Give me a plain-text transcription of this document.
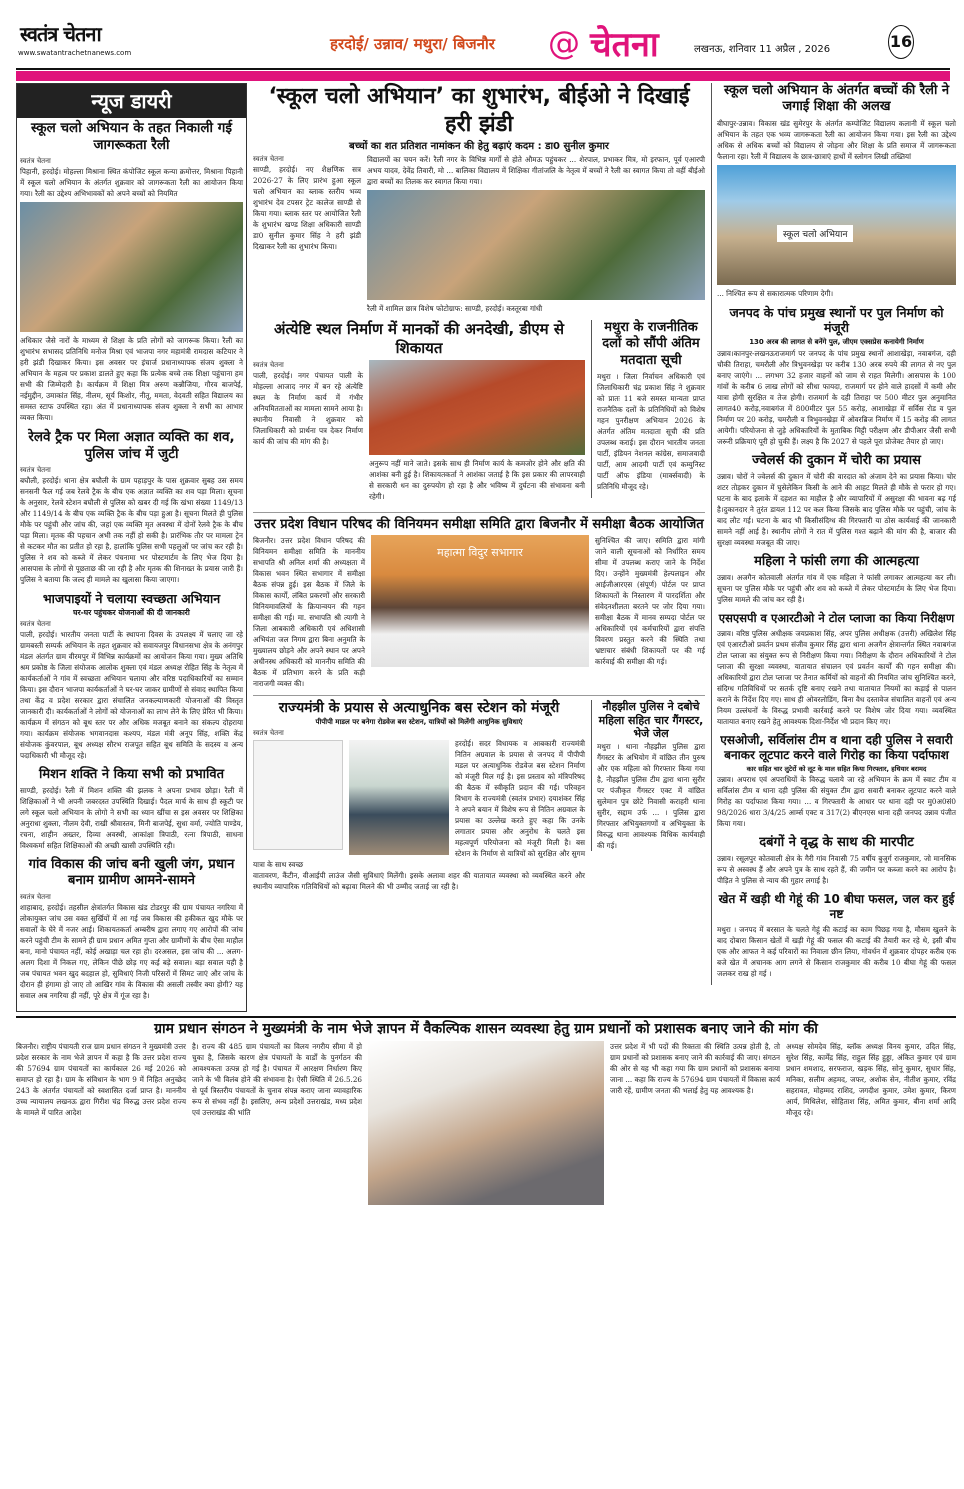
स्वतंत्र चेतना
www.swatantrachetnanews.com	हरदोई/ उन्नाव/ मथुरा/ बिजनौर @ चेतना	लखनऊ, शनिवार 11 अप्रैल , 2026	16
न्यूज डायरी
स्कूल चलो अभियान के तहत निकाली गई जागरूकता रैली
स्वतंत्र चेतना

पिहानी, हरदोई। मोहल्ला मिश्राना स्थित कंपोजिट स्कूल कन्या क्रमोत्तर, मिश्राना पिहानी में स्कूल चलो अभियान के अंतर्गत शुक्रवार को जागरूकता रैली का आयोजन किया गया। रैली का उद्देश्य अभिभावकों को अपने बच्चों को नियमित

अधिकार जैसे नारों के माध्यम से शिक्षा के प्रति लोगों को जागरूक किया। रैली का शुभारंभ सभासद प्रतिनिधि मनोज मिश्रा एवं भाजपा नगर महामंत्री रामदास कटियार ने हरी झंडी दिखाकर किया। इस अवसर पर इंचार्ज प्रधानाध्यापक संजय शुक्ला ने अभियान के महत्व पर प्रकाश डालते हुए कहा कि प्रत्येक बच्चे तक शिक्षा पहुंचाना हम सभी की जिम्मेदारी है। कार्यक्रम में शिक्षा मित्र अरुण कन्नौजिया, गौरव बाजपेई, नईमुद्दीन, उमाकांत सिंह, नीलम, सूर्य किशोर, नीतू, ममता, वेदवती सहित विद्यालय का समस्त स्टाफ उपस्थित रहा। अंत में प्रधानाध्यापक संजय शुक्ला ने सभी का आभार व्यक्त किया।

रेलवे ट्रैक पर मिला अज्ञात व्यक्ति का शव, पुलिस जांच में जुटी
स्वतंत्र चेतना

बघौली, हरदोई। थाना क्षेत्र बघौली के ग्राम पहाड़पुर के पास शुक्रवार सुबह उस समय सनसनी फैल गई जब रेलवे ट्रैक के बीच एक अज्ञात व्यक्ति का शव पड़ा मिला। सूचना के अनुसार, रेलवे स्टेशन बघौली से पुलिस को खबर दी गई कि खंभा संख्या 1149/13 और 1149/14 के बीच एक व्यक्ति ट्रैक के बीच पड़ा हुआ है। सूचना मिलते ही पुलिस मौके पर पहुंची और जांच की, जहां एक व्यक्ति मृत अवस्था में दोनों रेलवे ट्रैक के बीच पड़ा मिला। मृतक की पहचान अभी तक नहीं हो सकी है। प्रारंभिक तौर पर मामला ट्रेन से कटकर मौत का प्रतीत हो रहा है, हालांकि पुलिस सभी पहलुओं पर जांच कर रही है। पुलिस ने शव को कब्जे में लेकर पंचनामा भर पोस्टमार्टम के लिए भेज दिया है। आसपास के लोगों से पूछताछ की जा रही है और मृतक की शिनाख्त के प्रयास जारी हैं। पुलिस ने बताया कि जल्द ही मामले का खुलासा किया जाएगा।

भाजपाइयों ने चलाया स्वच्छता अभियान
घर-घर पहुंचकर योजनाओं की दी जानकारी
स्वतंत्र चेतना

पाली, हरदोई। भारतीय जनता पार्टी के स्थापना दिवस के उपलक्ष्य में चलाए जा रहे ग्रामबस्ती सम्पर्क अभियान के तहत शुक्रवार को सवायजपुर विधानसभा क्षेत्र के अनंगपुर मंडल अंतर्गत ग्राम वीरमपुर में विभिन्न कार्यक्रमों का आयोजन किया गया। मुख्य अतिथि श्रम प्रकोष्ठ के जिला संयोजक आलोक शुक्ला एवं मंडल अध्यक्ष रोहित सिंह के नेतृत्व में कार्यकर्ताओं ने गांव में स्वच्छता अभियान चलाया और वरिष्ठ पदाधिकारियों का सम्मान किया। इस दौरान भाजपा कार्यकर्ताओं ने घर-घर जाकर ग्रामीणों से संवाद स्थापित किया तथा केंद्र व प्रदेश सरकार द्वारा संचालित जनकल्याणकारी योजनाओं की विस्तृत जानकारी दी। कार्यकर्ताओं ने लोगों को योजनाओं का लाभ लेने के लिए प्रेरित भी किया। कार्यक्रम में संगठन को बूथ स्तर पर और अधिक मजबूत बनाने का संकल्प दोहराया गया। कार्यक्रम संयोजक भगवानदास कश्यप, मंडल मंत्री अनूप सिंह, शक्ति केंद्र संयोजक कुंवरपाल, बूथ अध्यक्ष सौरभ राजपूत सहित बूथ समिति के सदस्य व अन्य पदाधिकारी भी मौजूद रहे।

मिशन शक्ति ने किया सभी को प्रभावित

साण्डी, हरदोई। रैली में मिशन शक्ति की झलक ने अपना प्रभाव छोड़ा। रैली में शिक्षिकाओं ने भी अपनी जबरदस्त उपस्थिति दिखाई। पैदल मार्च के साथ ही स्कूटी पर लगे स्कूल चलो अभियान के लोगो ने सभी का ध्यान खींचा स इस अवसर पर शिक्षिका अनुराधा शुक्ला, नीलम देवी, राखी श्रीवास्तव, मिनी बाजपेई, सुधा वर्मा, ज्योति पाण्डेय, रचना, शाहीन अख्तर, दिव्या अवस्थी, आकांक्षा त्रिपाठी, रत्ना त्रिपाठी, साधना विश्वकर्मा सहित शिक्षिकाओं की अच्छी खासी उपस्थिति रही।

गांव विकास की जांच बनी खुली जंग, प्रधान बनाम ग्रामीण आमने-सामने
स्वतंत्र चेतना

शाहाबाद, हरदोई। तहसील क्षेत्रांतर्गत विकास खंड टोडरपुर की ग्राम पंचायत नगरिया में लोकायुक्त जांच उस वक्त सुर्खियों में आ गई जब विकास की हकीकत खुद मौके पर सवालों के घेरे में नजर आई। शिकायतकर्ता अम्बरीष द्वारा लगाए गए आरोपों की जांच करने पहुंची टीम के सामने ही ग्राम प्रधान अमित गुप्ता और ग्रामीणों के बीच ऐसा माहौल बना, मानो पंचायत नहीं, कोई अखाड़ा चल रहा हो। दरअसल, इस जांच की ... अलग-अलग दिशा में निकल गए, लेकिन पीछे छोड़ गए कई बड़े सवाल। बड़ा सवाल यही है जब पंचायत भवन खुद बदहाल हो, सुविधाएं निजी परिसरों में सिमट जाएं और जांच के दौरान ही हंगामा हो जाए तो आखिर गांव के विकास की असली तस्वीर क्या होगी? यह सवाल अब नगरिया ही नहीं, पूरे क्षेत्र में गूंज रहा है।

‘स्कूल चलो अभियान’ का शुभारंभ, बीईओ ने दिखाई हरी झंडी
बच्चों का शत प्रतिशत नामांकन की हेतु बढ़ाएं कदम : डा0 सुनील कुमार
स्वतंत्र चेतना

साण्डी, हरदोई। नए शैक्षणिक सत्र 2026-27 के लिए प्रारंभ हुआ स्कूल चलो अभियान का ब्लाक स्तरीय भव्य शुभारंभ देव टपसर ट्रेट कालेज साण्डी से किया गया। ब्लाक स्तर पर आयोजित रैली के शुभारंभ खण्ड शिक्षा अधिकारी साण्डी डा0 सुनील कुमार सिंह ने हरी झंडी दिखाकर रैली का शुभारंभ किया।

विद्यालयों का चयन करें। रैली नगर के विभिन्न मार्गों से होते औमऊ पहुंचकर ... शेरपाल, प्रभाकर मित्र, मो इरफान, पूर्व एआरपी अभय यादव, देवेंद्र तिवारी, मो ... बालिका विद्यालय में शिक्षिका गीतांजलि के नेतृत्व में बच्चों ने रैली का स्वागत किया तो वहीं बीईओ द्वारा बच्चों का तिलक कर स्वागत किया गया।

रैली में शामिल छात्र विशेष फोटोग्राफ: साण्डी, हरदोई। कस्तूरबा गांधी

अंत्येष्टि स्थल निर्माण में मानकों की अनदेखी, डीएम से शिकायत
स्वतंत्र चेतना

पाली, हरदोई। नगर पंचायत पाली के मोहल्ला आजाद नगर में बन रहे अंत्येष्टि स्थल के निर्माण कार्य में गंभीर अनियमितताओं का मामला सामने आया है। स्थानीय निवासी ने शुक्रवार को जिलाधिकारी को प्रार्थना पत्र देकर निर्माण कार्य की जांच की मांग की है।

अनुरूप नहीं माने जाते। इसके साथ ही निर्माण कार्य के कमजोर होने और क्षति की आशंका बनी हुई है। शिकायतकर्ता ने आशंका जताई है कि इस प्रकार की लापरवाही से सरकारी धन का दुरुपयोग हो रहा है और भविष्य में दुर्घटना की संभावना बनी रहेगी।

मथुरा के राजनीतिक दलों को सौंपी अंतिम मतदाता सूची

मथुरा । जिला निर्वाचन अधिकारी एवं जिलाधिकारी चंद्र प्रकाश सिंह ने शुक्रवार को प्रातः 11 बजे समस्त मान्यता प्राप्त राजनैतिक दलों के प्रतिनिधियों को विशेष गहन पुनरीक्षण अभियान 2026 के अंतर्गत अंतिम मतदाता सूची की प्रति उपलब्ध कराई। इस दौरान भारतीय जनता पार्टी, इंडियन नेशनल कांग्रेस, समाजवादी पार्टी, आम आदमी पार्टी एवं कम्युनिस्ट पार्टी ऑफ इंडिया (मार्क्सवादी) के प्रतिनिधि मौजूद रहे।

उत्तर प्रदेश विधान परिषद की विनियमन समीक्षा समिति द्वारा बिजनौर में समीक्षा बैठक आयोजित

बिजनौर। उत्तर प्रदेश विधान परिषद की विनियमन समीक्षा समिति के माननीय सभापति श्री अनिल शर्मा की अध्यक्षता में विकास भवन स्थित सभागार में समीक्षा बैठक संपन्न हुई। इस बैठक में जिले के विकास कार्यों, लंबित प्रकरणों और सरकारी विनियमावलियों के क्रियान्वयन की गहन समीक्षा की गई। मा. सभापति श्री त्यागी ने जिला आबकारी अधिकारी एवं अधिशासी अभियंता जल निगम द्वारा बिना अनुमति के मुख्यालय छोड़ने और अपने स्थान पर अपने अधीनस्थ अधिकारी को माननीय समिति की बैठक में प्रतिभाग करने के प्रति कड़ी नाराजगी व्यक्त की।

महात्मा विदुर सभागार

सुनिश्चित की जाए। समिति द्वारा मांगी जाने वाली सूचनाओं को निर्धारित समय सीमा में उपलब्ध कराए जाने के निर्देश दिए। उन्होंने मुख्यमंत्री हेल्पलाइन और आईजीआरएस (संपूर्ण) पोर्टल पर प्राप्त शिकायतों के निस्तारण में पारदर्शिता और संवेदनशीलता बरतने पर जोर दिया गया। समीक्षा बैठक में मानव सम्पदा पोर्टल पर अधिकारियों एवं कर्मचारियों द्वारा संपत्ति विवरण प्रस्तुत करने की स्थिति तथा भ्रष्टाचार संबंधी शिकायतों पर की गई कार्रवाई की समीक्षा की गई।

राज्यमंत्री के प्रयास से अत्याधुनिक बस स्टेशन को मंजूरी
पीपीपी माडल पर बनेगा रोडवेज बस स्टेशन, यात्रियों को मिलेंगी आधुनिक सुविधाएं
स्वतंत्र चेतना

हरदोई। सदर विधायक व आबकारी राज्यमंत्री नितिन अग्रवाल के प्रयास से जनपद में पीपीपी मडल पर अत्याधुनिक रोडवेज बस स्टेशन निर्माण को मंजूरी मिल गई है। इस प्रस्ताव को मंत्रिपरिषद की बैठक में स्वीकृति प्रदान की गई। परिवहन विभाग के राज्यमंत्री (स्वतंत्र प्रभार) दयाशंकर सिंह ने अपने बयान में विशेष रूप से नितिन अग्रवाल के प्रयास का उल्लेख करते हुए कहा कि उनके लगातार प्रयास और अनुरोध के चलते इस महत्वपूर्ण परियोजना को मंजूरी मिली है। बस स्टेशन के निर्माण से यात्रियों को सुरक्षित और सुगम यात्रा के साथ स्वच्छ

वातावरण, कैंटीन, वीआईपी लाउंज जैसी सुविधाएं मिलेंगी। इसके अलावा शहर की यातायात व्यवस्था को व्यवस्थित करने और स्थानीय व्यापारिक गतिविधियों को बढ़ावा मिलने की भी उम्मीद जताई जा रही है।

नौहझील पुलिस ने दबोचे महिला सहित चार गैंगस्टर, भेजे जेल

मथुरा । थाना नौहझील पुलिस द्वारा गैंगस्टर के अभियोग में वांछित तीन पुरुष और एक महिला को गिरफ्तार किया गया है, नौहझील पुलिस टीम द्वारा थाना सुरीर पर पंजीकृत गैंगस्टर एक्ट में वांछित सुलेमान पुत्र छोटे निवासी कराहरी थाना सुरीर, सद्दाम उर्फ ... । पुलिस द्वारा गिरफ्तार अभियुक्तगणों व अभियुक्ता के विरुद्ध थाना आवश्यक विधिक कार्यवाही की गई।

स्कूल चलो अभियान के अंतर्गत बच्चों की रैली ने जगाई शिक्षा की अलख

बीघापुर-उन्नाव। विकास खंड सुमेरपुर के अंतर्गत कम्पोजिट विद्यालय कलानी में स्कूल चलो अभियान के तहत एक भव्य जागरूकता रैली का आयोजन किया गया। इस रैली का उद्देश्य अधिक से अधिक बच्चों को विद्यालय से जोड़ना और शिक्षा के प्रति समाज में जागरूकता फैलाना रहा। रैली में विद्यालय के छात्र-छात्राएं हाथों में स्लोगन लिखी तख्तियां

स्कूल चलो अभियान

... निश्चित रूप से सकारात्मक परिणाम देगी।

जनपद के पांच प्रमुख स्थानों पर पुल निर्माण को मंजूरी
130 अरब की लागत से बनेंगे पुल, जीएम एक्सप्रेस कनायेगी निर्माण

उन्नाव।कानपुर-लखनऊराजमार्ग पर जनपद के पांच प्रमुख स्थानों आशाखेड़ा, नवाबगंज, दही चौकी तिराहा, चमरौली और त्रिभुवनखेड़ा पर करीब 130 अरब रुपये की लागत से नए पुल बनाए जाएंगे। ... लगभग 32 हजार वाहनों को जाम से राहत मिलेगी। आसपास के 100 गांवों के करीब 6 लाख लोगों को सीधा फायदा, राजमार्ग पर होने वाले हादसों में कमी और यात्रा होगी सुरक्षित व तेज होगी। राजमार्ग के दही तिराहा पर 500 मीटर पुल अनुमानित लागत40 करोड़,नवाबगंज में 800मीटर पुल 55 करोड़, आशाखेड़ा में सर्विस रोड व पुल निर्माण पर 20 करोड़, चमरौली व त्रिभुवनखेड़ा में ओवरब्रिज निर्माण में 15 करोड़ की लागत आयेगी। परियोजना से जुड़े अधिकारियों के मुताबिक मिट्टी परीक्षण और डीपीआर जैसी सभी जरूरी प्रक्रियाएं पूरी हो चुकी हैं। लक्ष्य है कि 2027 से पहले पूरा प्रोजेक्ट तैयार हो जाए।

ज्वेलर्स की दुकान में चोरी का प्रयास

उन्नाव। चोरों ने ज्वेलर्स की दुकान में चोरी की वारदात को अंजाम देने का प्रयास किया। चोर शटर तोड़कर दुकान में घुसेलेकिन किसी के आने की आहट मिलते ही मौके से फरार हो गए। घटना के बाद इलाके में दहशत का माहौल है और व्यापारियों में असुरक्षा की भावना बढ़ गई है।दुकानदार ने तुरंत डायल 112 पर कल किया जिसके बाद पुलिस मौके पर पहुंची, जांच के बाद लौट गई। घटना के बाद भी किसीसंदिग्ध की गिरफ्तारी या ठोस कार्यवाई की जानकारी सामने नहीं आई है। स्थानीय लोगों ने रात में पुलिस गश्त बढ़ाने की मांग की है, बाजार की सुरक्षा व्यवस्था मजबूत की जाए।

महिला ने फांसी लगा की आत्महत्या

उन्नाव। अजगैन कोतवाली अंतर्गत गांव में एक महिला ने फांसी लगाकर आत्महत्या कर ली। सूचना पर पुलिस मौके पर पहुंची और शव को कब्जे में लेकर पोस्टमार्टम के लिए भेज दिया। पुलिस मामले की जांच कर रही है।

एसएसपी व एआरटीओ ने टोल प्लाजा का किया निरीक्षण

उन्नाव। वरिष्ठ पुलिस अधीक्षक जयप्रकाश सिंह, अपर पुलिस अधीक्षक (उत्तरी) अखिलेश सिंह एवं एआरटीओ प्रवर्तन प्रथम संजीव कुमार सिंह द्वारा थाना अजगैन क्षेत्रान्तर्गत स्थित नवाबगंज टोल प्लाजा का संयुक्त रूप से निरीक्षण किया गया। निरीक्षण के दौरान अधिकारियों ने टोल प्लाजा की सुरक्षा व्यवस्था, यातायात संचालन एवं प्रवर्तन कार्यों की गहन समीक्षा की। अधिकारियों द्वारा टोल प्लाजा पर तैनात कर्मियों को वाहनों की नियमित जांच सुनिश्चित करने, संदिग्ध गतिविधियों पर सतर्क दृष्टि बनाए रखने तथा यातायात नियमों का कड़ाई से पालन कराने के निर्देश दिए गए। साथ ही ओवरलोडिंग, बिना वैध दस्तावेज संचालित वाहनों एवं अन्य नियम उल्लंघनों के विरुद्ध प्रभावी कार्रवाई करने पर विशेष जोर दिया गया। व्यवस्थित यातायात बनाए रखने हेतु आवश्यक दिशा-निर्देश भी प्रदान किए गए।

एसओजी, सर्विलांस टीम व थाना दही पुलिस ने सवारी बनाकर लूटपाट करने वाले गिरोह का किया पर्दाफाश
कार सहित चार लुटेरों को लूट के माल सहित किया गिरफ्तार, हथियार बरामद

उन्नाव। अपराध एवं अपराधियों के विरुद्ध चलाये जा रहे अभियान के क्रम में स्वाट टीम व सर्विलांस टीम व थाना दही पुलिस की संयुक्त टीम द्वारा सवारी बनाकर लूटपाट करने वाले गिरोह का पर्दाफाश किया गया। ... व गिरफ्तारी के आधार पर थाना दही पर मु0अ0सं0 98/2026 धारा 3/4/25 आर्म्स एक्ट व 317(2) बीएनएस थाना दही जनपद उन्नाव पंजीत किया गया।

दबंगों ने वृद्ध के साथ की मारपीट

उन्नाव। रसूलपुर कोतवाली क्षेत्र के गैरी गांव निवासी 75 वर्षीय बुजुर्ग राजकुमार, जो मानसिक रूप से अस्वस्थ हैं और अपने पुत्र के साथ रहते हैं, की जमीन पर कब्जा करने का आरोप है। पीड़ित ने पुलिस से न्याय की गुहार लगाई है।

खेत में खड़ी थी गेहूं की 10 बीघा फसल, जल कर हुई नष्ट

मथुरा । जनपद में बरसात के चलते गेहूं की कटाई का काम पिछड़ गया है, मौसम खुलने के बाद दोबारा किसान खेतों में खड़ी गेहूं की फसल की कटाई की तैयारी कर रहे थे, इसी बीच एक और आफत ने कई परिवारों का निवाला छीन लिया, गोवर्धन में शुक्रवार दोपहर करीब एक बजे खेत में अचानक आग लगने से किसान राजकुमार की करीब 10 बीघा गेहूं की फसल जलकर राख हो गई ।

ग्राम प्रधान संगठन ने मुख्यमंत्री के नाम भेजे ज्ञापन में वैकल्पिक शासन व्यवस्था हेतु ग्राम प्रधानों को प्रशासक बनाए जाने की मांग की

बिजनौर। राष्ट्रीय पंचायती राज ग्राम प्रधान संगठन ने मुख्यमंत्री उत्तर प्रदेश सरकार के नाम भेजे ज्ञापन में कहा है कि उत्तर प्रदेश राज्य की 57694 ग्राम पंचायतों का कार्यकाल 26 मई 2026 को समाप्त हो रहा है। ग्राम के संविधान के भाग 9 में निहित अनुच्छेद 243 के अंतर्गत पंचायतों को स्वशासित दर्जा प्राप्त है। माननीय उच्च न्यायालय लखनऊ द्वारा गिरीश चंद्र विरुद्ध उत्तर प्रदेश राज्य के मामले में पारित आदेश

है। राज्य की 485 ग्राम पंचायतों का विलय नगरीय सीमा में हो चुका है, जिसके कारण क्षेत्र पंचायतों के वार्डों के पुनर्गठन की आवश्यकता उत्पन्न हो गई है। पंचायत में आरक्षण निर्धारण किए जाने के भी विलंब होने की संभावना है। ऐसी स्थिति में 26.5.26 से पूर्व त्रिस्तरीय पंचायतों के चुनाव संपन्न कराए जाना व्यावहारिक रूप से संभव नहीं है। इसलिए, अन्य प्रदेशों उत्तराखंड, मध्य प्रदेश एवं उत्तराखंड की भांति

उत्तर प्रदेश में भी पदों की रिक्तता की स्थिति उत्पन्न होती है, तो ग्राम प्रधानों को प्रशासक बनाए जाने की कार्रवाई की जाए। संगठन की ओर से यह भी कहा गया कि ग्राम प्रधानों को प्रशासक बनाया जाना ... कहा कि राज्य के 57694 ग्राम पंचायतों में विकास कार्य जारी रहें, ग्रामीण जनता की भलाई हेतु यह आवश्यक है।

अध्यक्ष सोमदेव सिंह, ब्लॉक अध्यक्ष विनय कुमार, उदित सिंह, सुरेश सिंह, कार्मेंद्र सिंह, राहुल सिंह हुड्डा, अंकित कुमार एवं ग्राम प्रधान शमशाद, सरफराज, खड़क सिंह, सोनू कुमार, सुधार सिंह, मनिका, सलीम अहमद, जफर, अशोक सेन, नीतीश कुमार, रविंद्र सहरावत, मोहम्मद राशिद, जगदीश कुमार, उमेश कुमार, किरण आर्य, मिथिलेश, सोहिताश सिंह, अमित कुमार, बीना शर्मा आदि मौजूद रहे।
